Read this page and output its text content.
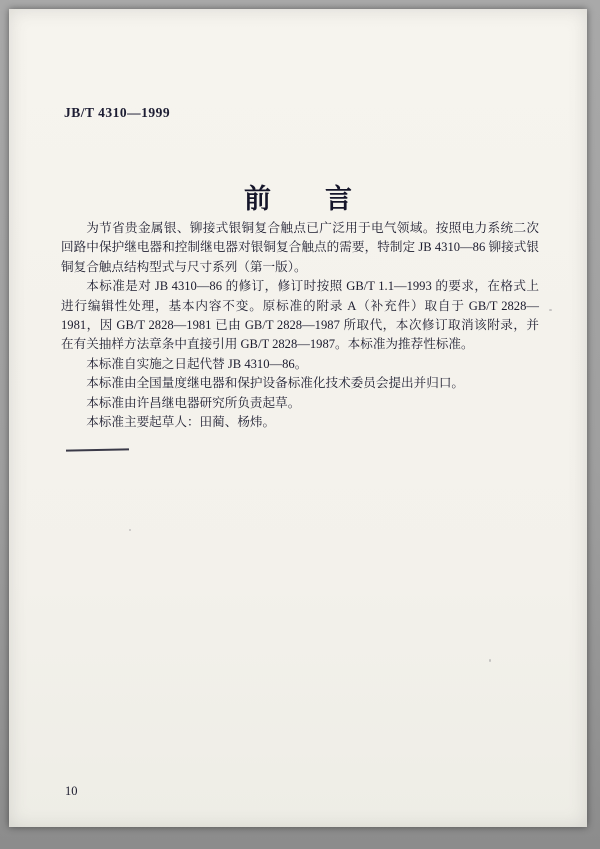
JB/T 4310—1999
前　　言

为节省贵金属银、铆接式银铜复合触点已广泛用于电气领域。按照电力系统二次回路中保护继电器和控制继电器对银铜复合触点的需要，特制定 JB 4310—86 铆接式银铜复合触点结构型式与尺寸系列（第一版）。

本标准是对 JB 4310—86 的修订，修订时按照 GB/T 1.1—1993 的要求，在格式上进行编辑性处理，基本内容不变。原标准的附录 A（补充件）取自于 GB/T 2828—1981，因 GB/T 2828—1981 已由 GB/T 2828—1987 所取代，本次修订取消该附录，并在有关抽样方法章条中直接引用 GB/T 2828—1987。本标准为推荐性标准。

本标准自实施之日起代替 JB 4310—86。

本标准由全国量度继电器和保护设备标准化技术委员会提出并归口。

本标准由许昌继电器研究所负责起草。

本标准主要起草人：田蔺、杨炜。

10
